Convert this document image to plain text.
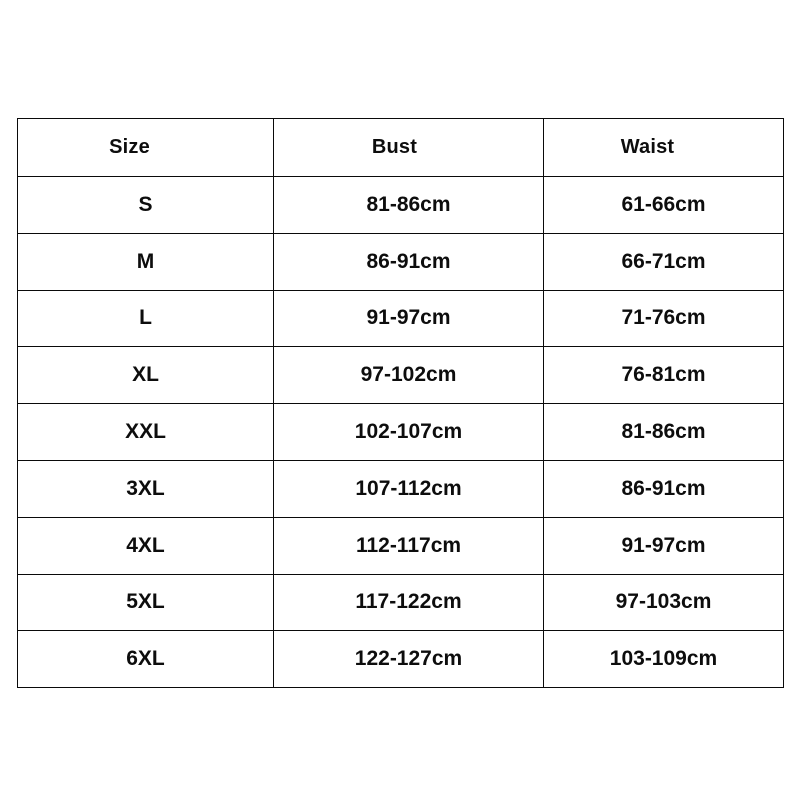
Size	Bust	Waist
S	81-86cm	61-66cm
M	86-91cm	66-71cm
L	91-97cm	71-76cm
XL	97-102cm	76-81cm
XXL	102-107cm	81-86cm
3XL	107-112cm	86-91cm
4XL	112-117cm	91-97cm
5XL	117-122cm	97-103cm
6XL	122-127cm	103-109cm
